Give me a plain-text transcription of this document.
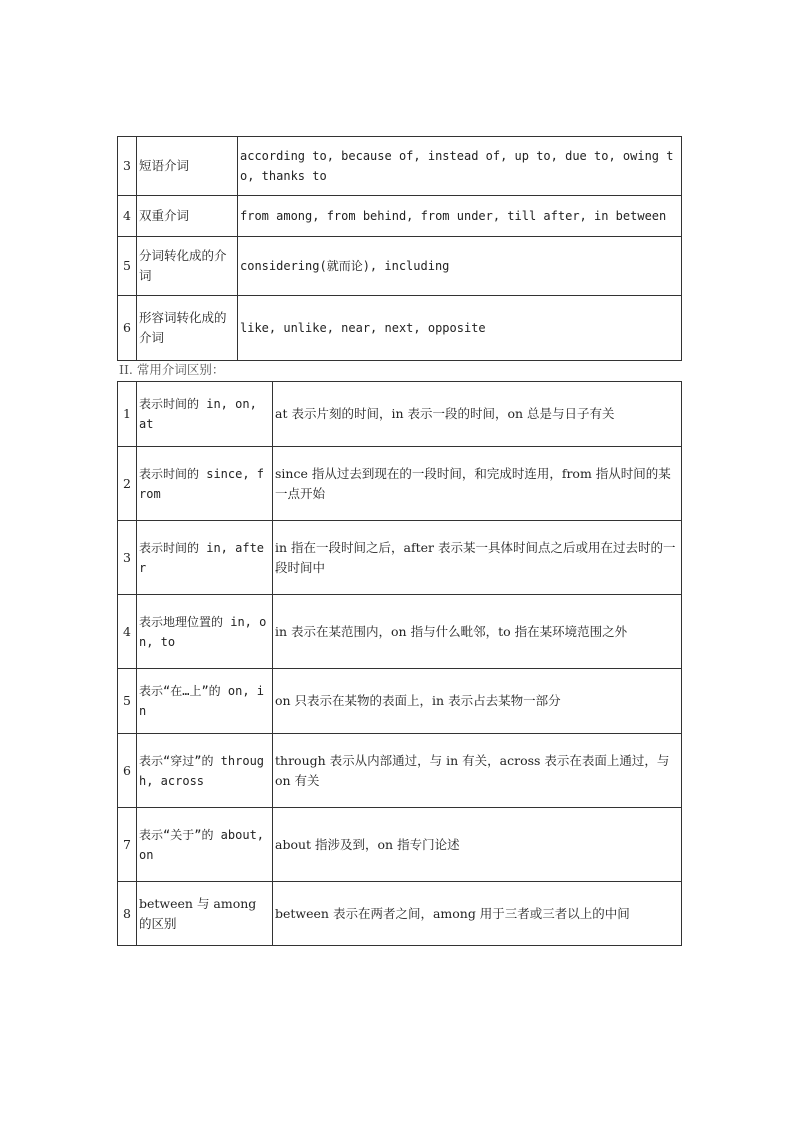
3	短语介词	according to, because of, instead of, up to, due to, owing to, thanks to
4	双重介词	from among, from behind, from under, till after, in between
5	分词转化成的介词	considering(就而论), including
6	形容词转化成的介词	like, unlike, near, next, opposite

II. 常用介词区别：

1	表示时间的 in, on, at	at 表示片刻的时间，in 表示一段的时间，on 总是与日子有关
2	表示时间的 since, from	since 指从过去到现在的一段时间，和完成时连用，from 指从时间的某一点开始
3	表示时间的 in, after	in 指在一段时间之后，after 表示某一具体时间点之后或用在过去时的一段时间中
4	表示地理位置的 in, on, to	in 表示在某范围内，on 指与什么毗邻，to 指在某环境范围之外
5	表示“在…上”的 on, in	on 只表示在某物的表面上，in 表示占去某物一部分
6	表示“穿过”的 through, across	through 表示从内部通过，与 in 有关，across 表示在表面上通过，与 on 有关
7	表示“关于”的 about, on	about 指涉及到，on 指专门论述
8	between 与 among 的区别	between 表示在两者之间，among 用于三者或三者以上的中间
